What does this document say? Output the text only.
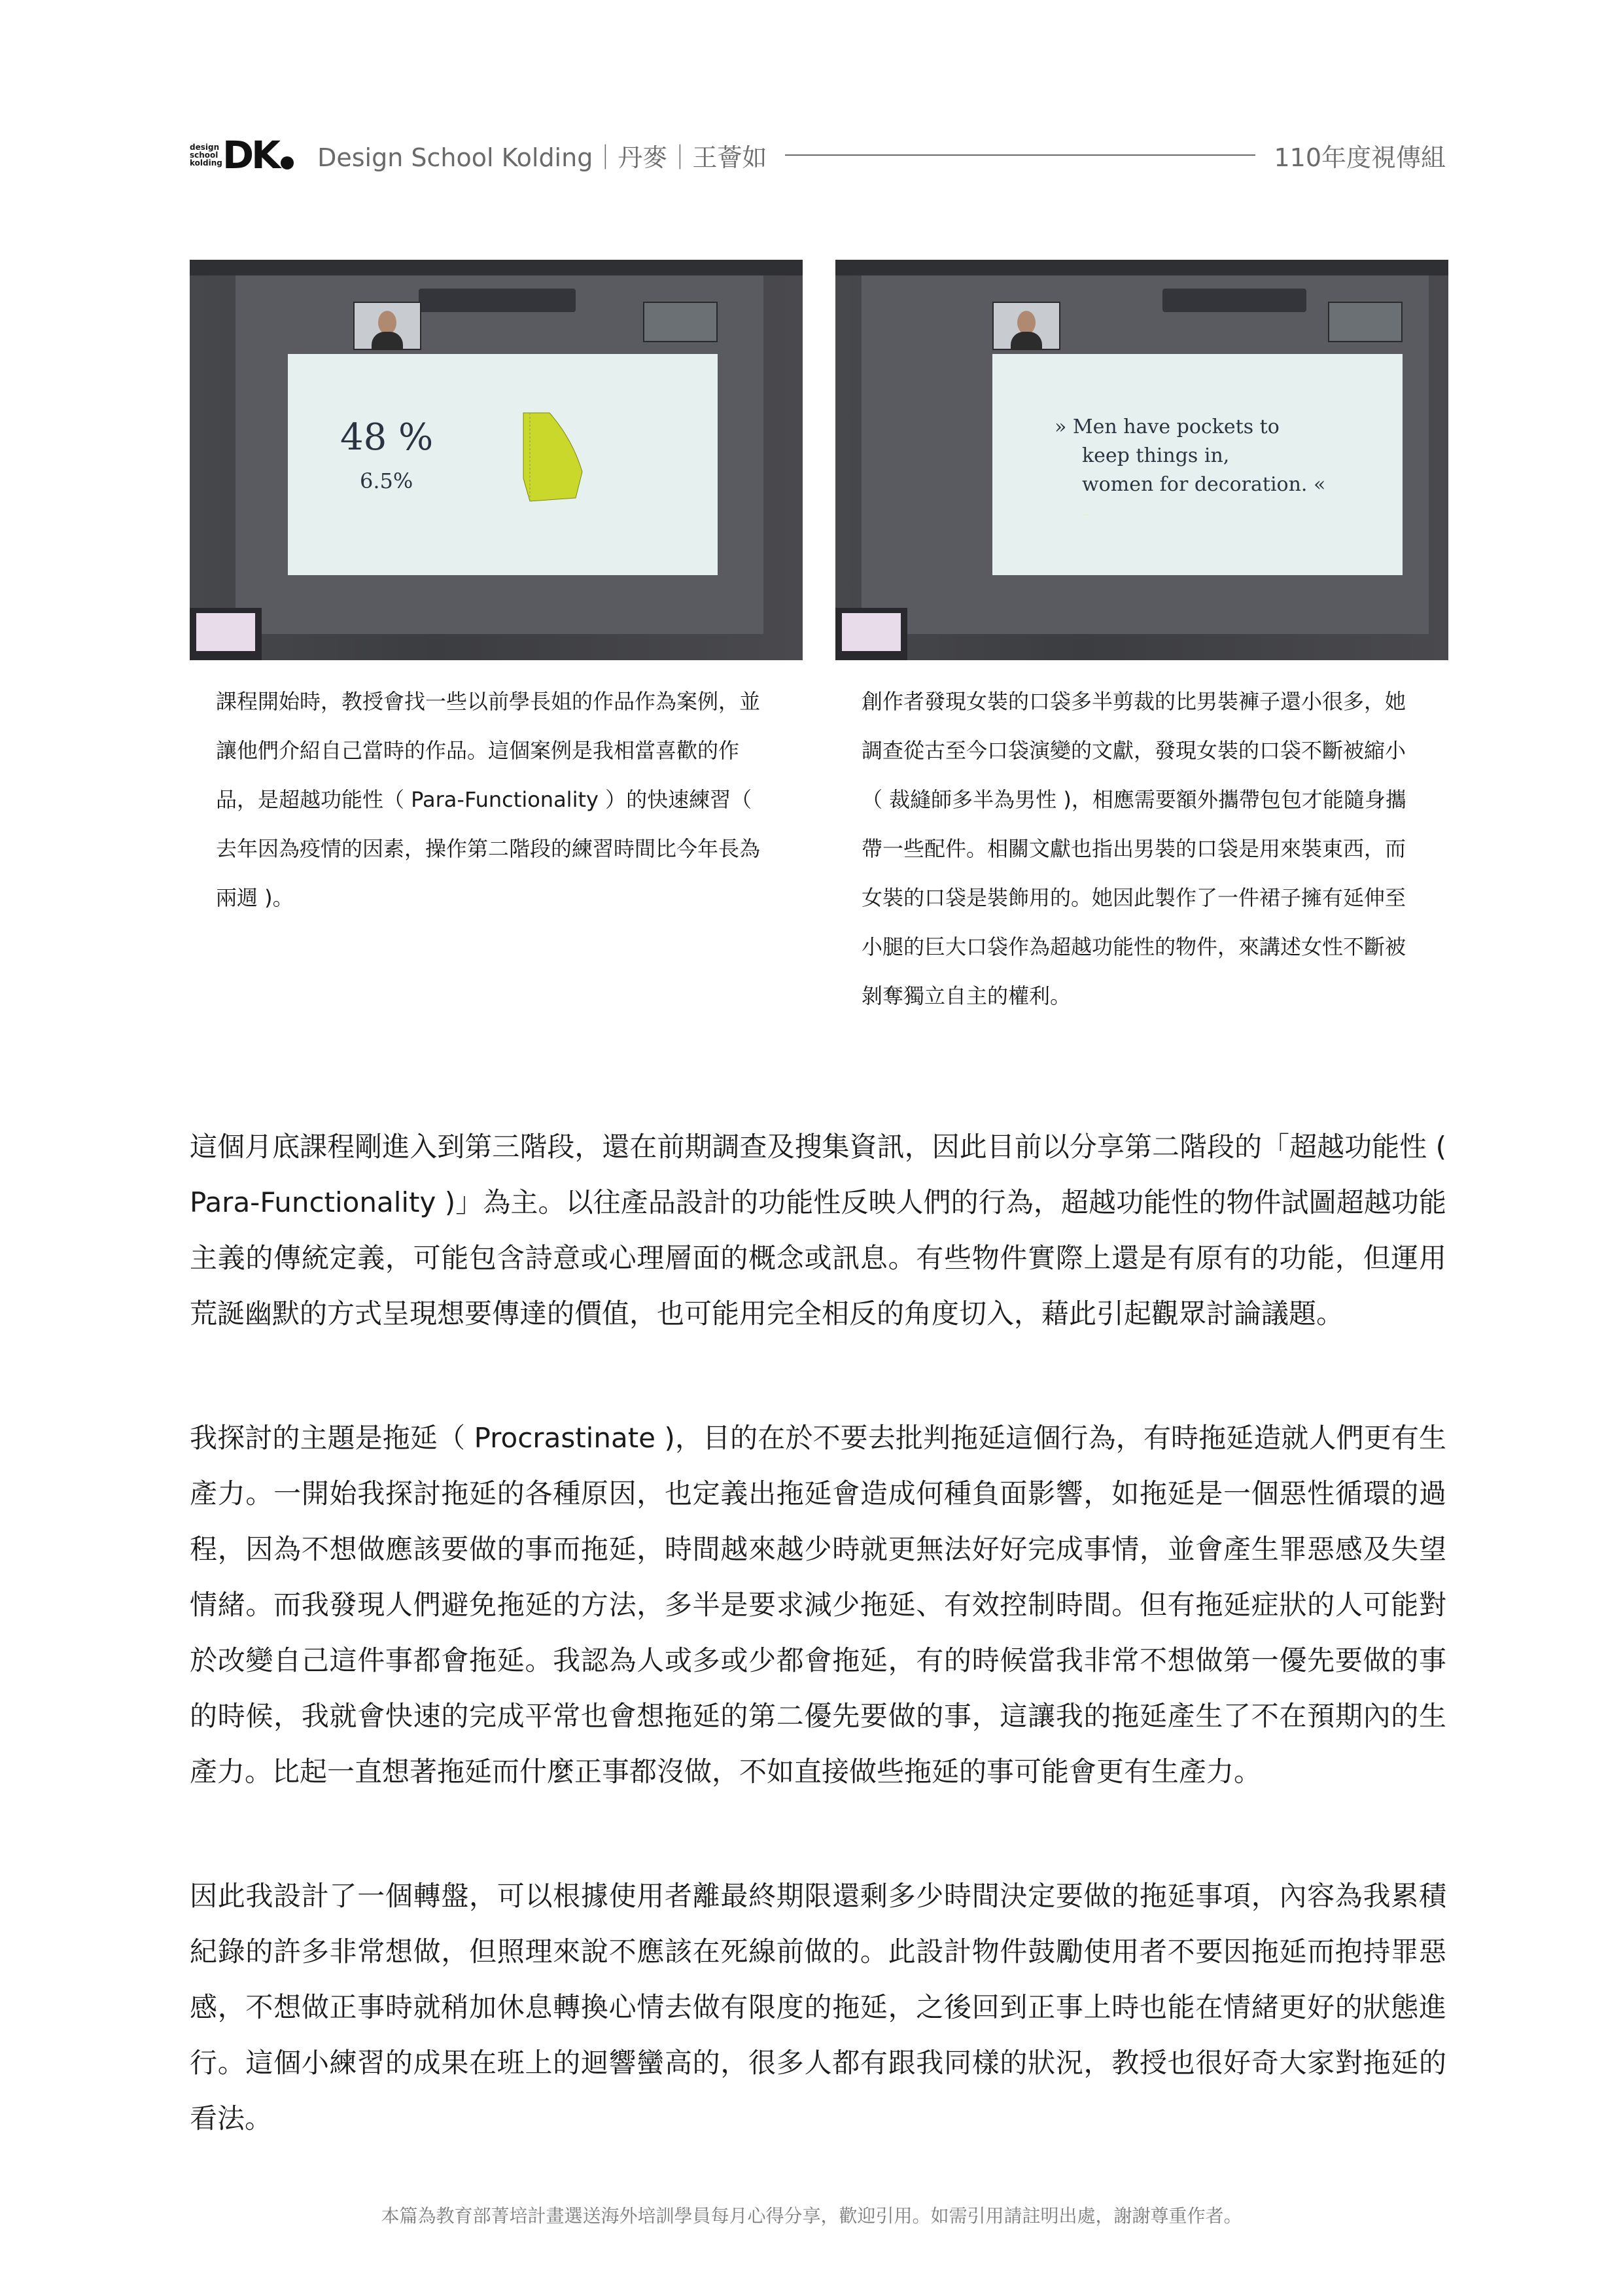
design school kolding DK Design School Kolding｜丹麥｜王薈如	110年度視傳組
48 %
6.5%
» Men have pockets to
keep things in,
women for decoration. «
課程開始時，教授會找一些以前學長姐的作品作為案例，並讓他們介紹自己當時的作品。這個案例是我相當喜歡的作品，是超越功能性（ Para-Functionality ）的快速練習（ 去年因為疫情的因素，操作第二階段的練習時間比今年長為兩週 )。
創作者發現女裝的口袋多半剪裁的比男裝褲子還小很多，她調查從古至今口袋演變的文獻，發現女裝的口袋不斷被縮小（ 裁縫師多半為男性 )，相應需要額外攜帶包包才能隨身攜帶一些配件。相關文獻也指出男裝的口袋是用來裝東西，而女裝的口袋是裝飾用的。她因此製作了一件裙子擁有延伸至小腿的巨大口袋作為超越功能性的物件，來講述女性不斷被剝奪獨立自主的權利。
這個月底課程剛進入到第三階段，還在前期調查及搜集資訊，因此目前以分享第二階段的「超越功能性 ( Para-Functionality )」為主。以往產品設計的功能性反映人們的行為，超越功能性的物件試圖超越功能主義的傳統定義，可能包含詩意或心理層面的概念或訊息。有些物件實際上還是有原有的功能，但運用荒誕幽默的方式呈現想要傳達的價值，也可能用完全相反的角度切入，藉此引起觀眾討論議題。
我探討的主題是拖延（ Procrastinate )，目的在於不要去批判拖延這個行為，有時拖延造就人們更有生產力。一開始我探討拖延的各種原因，也定義出拖延會造成何種負面影響，如拖延是一個惡性循環的過程，因為不想做應該要做的事而拖延，時間越來越少時就更無法好好完成事情，並會產生罪惡感及失望情緒。而我發現人們避免拖延的方法，多半是要求減少拖延、有效控制時間。但有拖延症狀的人可能對於改變自己這件事都會拖延。我認為人或多或少都會拖延，有的時候當我非常不想做第一優先要做的事的時候，我就會快速的完成平常也會想拖延的第二優先要做的事，這讓我的拖延產生了不在預期內的生產力。比起一直想著拖延而什麼正事都沒做，不如直接做些拖延的事可能會更有生產力。
因此我設計了一個轉盤，可以根據使用者離最終期限還剩多少時間決定要做的拖延事項，內容為我累積紀錄的許多非常想做，但照理來說不應該在死線前做的。此設計物件鼓勵使用者不要因拖延而抱持罪惡感，不想做正事時就稍加休息轉換心情去做有限度的拖延，之後回到正事上時也能在情緒更好的狀態進行。這個小練習的成果在班上的迴響蠻高的，很多人都有跟我同樣的狀況，教授也很好奇大家對拖延的看法。
本篇為教育部菁培計畫選送海外培訓學員每月心得分享，歡迎引用。如需引用請註明出處，謝謝尊重作者。
